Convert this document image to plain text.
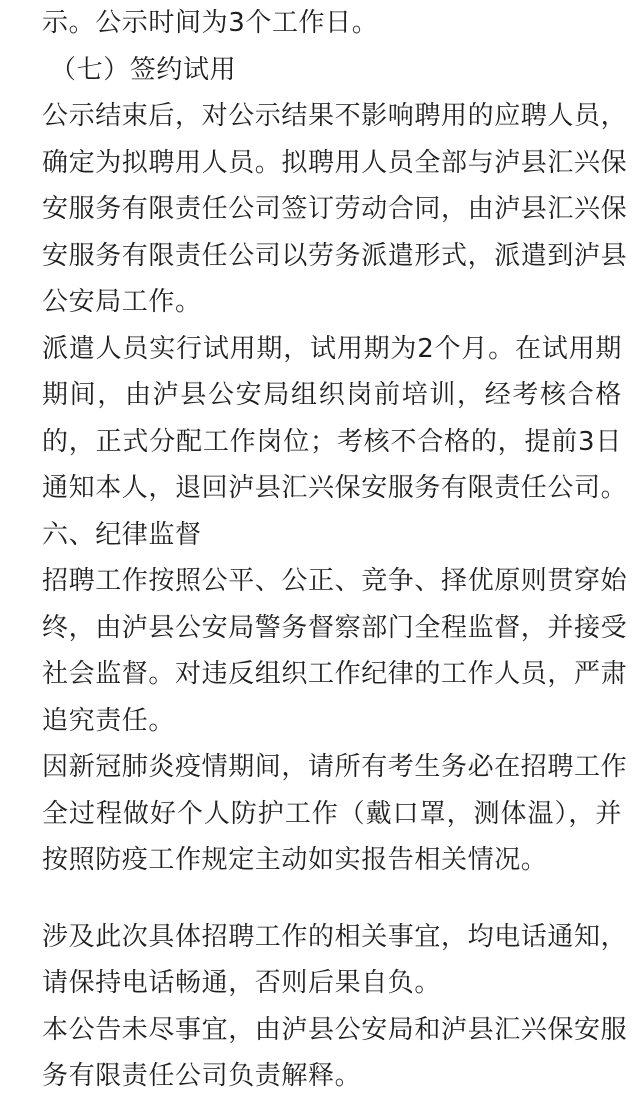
示。公示时间为3个工作日。
（七）签约试用
公示结束后，对公示结果不影响聘用的应聘人员，
确定为拟聘用人员。拟聘用人员全部与泸县汇兴保
安服务有限责任公司签订劳动合同，由泸县汇兴保
安服务有限责任公司以劳务派遣形式，派遣到泸县
公安局工作。
派遣人员实行试用期，试用期为2个月。在试用期
期间，由泸县公安局组织岗前培训，经考核合格
的，正式分配工作岗位；考核不合格的，提前3日
通知本人，退回泸县汇兴保安服务有限责任公司。
六、纪律监督
招聘工作按照公平、公正、竞争、择优原则贯穿始
终，由泸县公安局警务督察部门全程监督，并接受
社会监督。对违反组织工作纪律的工作人员，严肃
追究责任。
因新冠肺炎疫情期间，请所有考生务必在招聘工作
全过程做好个人防护工作（戴口罩，测体温），并
按照防疫工作规定主动如实报告相关情况。
涉及此次具体招聘工作的相关事宜，均电话通知，
请保持电话畅通，否则后果自负。
本公告未尽事宜，由泸县公安局和泸县汇兴保安服
务有限责任公司负责解释。
